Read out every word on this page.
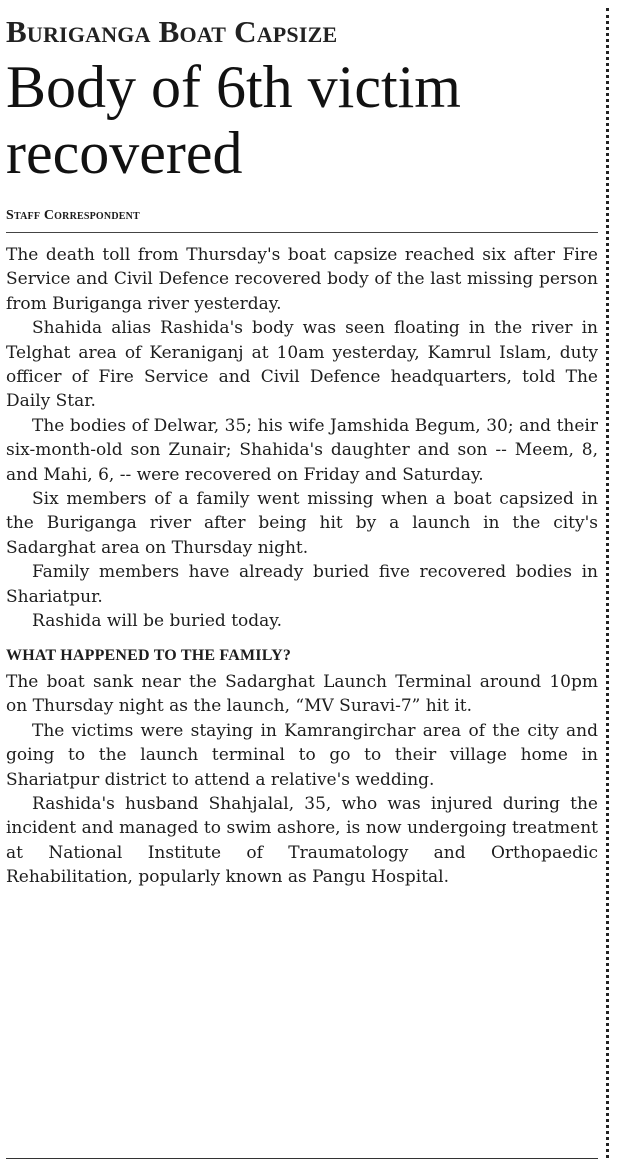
Buriganga Boat Capsize
Body of 6th victim recovered
Staff Correspondent

The death toll from Thursday's boat capsize reached six after Fire Service and Civil Defence recovered body of the last missing person from Buriganga river yesterday.

Shahida alias Rashida's body was seen floating in the river in Telghat area of Keraniganj at 10am yesterday, Kamrul Islam, duty officer of Fire Service and Civil Defence headquarters, told The Daily Star.

The bodies of Delwar, 35; his wife Jamshida Begum, 30; and their six-month-old son Zunair; Shahida's daughter and son -- Meem, 8, and Mahi, 6, -- were recovered on Friday and Saturday.

Six members of a family went missing when a boat capsized in the Buriganga river after being hit by a launch in the city's Sadarghat area on Thursday night.

Family members have already buried five recovered bodies in Shariatpur.

Rashida will be buried today.

WHAT HAPPENED TO THE FAMILY?

The boat sank near the Sadarghat Launch Terminal around 10pm on Thursday night as the launch, “MV Suravi-7” hit it.

The victims were staying in Kamrangirchar area of the city and going to the launch terminal to go to their village home in Shariatpur district to attend a relative's wedding.

Rashida's husband Shahjalal, 35, who was injured during the incident and managed to swim ashore, is now undergoing treatment at National Institute of Traumatology and Orthopaedic Rehabilitation, popularly known as Pangu Hospital.
